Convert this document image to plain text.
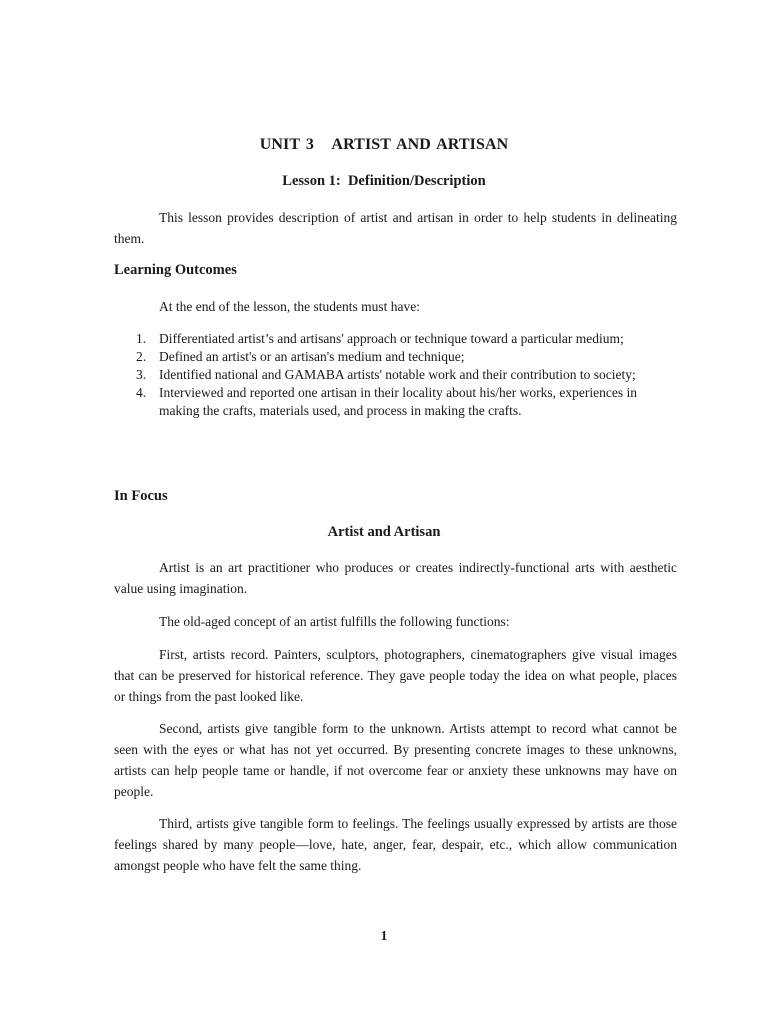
UNIT 3   ARTIST AND ARTISAN
Lesson 1:  Definition/Description

This lesson provides description of artist and artisan in order to help students in delineating them.

Learning Outcomes

At the end of the lesson, the students must have:

1. Differentiated artist’s and artisans' approach or technique toward a particular medium;
2. Defined an artist's or an artisan's medium and technique;
3. Identified national and GAMABA artists' notable work and their contribution to society;
4. Interviewed and reported one artisan in their locality about his/her works, experiences in making the crafts, materials used, and process in making the crafts.
In Focus
Artist and Artisan

Artist is an art practitioner who produces or creates indirectly-functional arts with aesthetic value using imagination.

The old-aged concept of an artist fulfills the following functions:

First, artists record. Painters, sculptors, photographers, cinematographers give visual images that can be preserved for historical reference. They gave people today the idea on what people, places or things from the past looked like.

Second, artists give tangible form to the unknown. Artists attempt to record what cannot be seen with the eyes or what has not yet occurred. By presenting concrete images to these unknowns, artists can help people tame or handle, if not overcome fear or anxiety these unknowns may have on people.

Third, artists give tangible form to feelings. The feelings usually expressed by artists are those feelings shared by many people—love, hate, anger, fear, despair, etc., which allow communication amongst people who have felt the same thing.

1
